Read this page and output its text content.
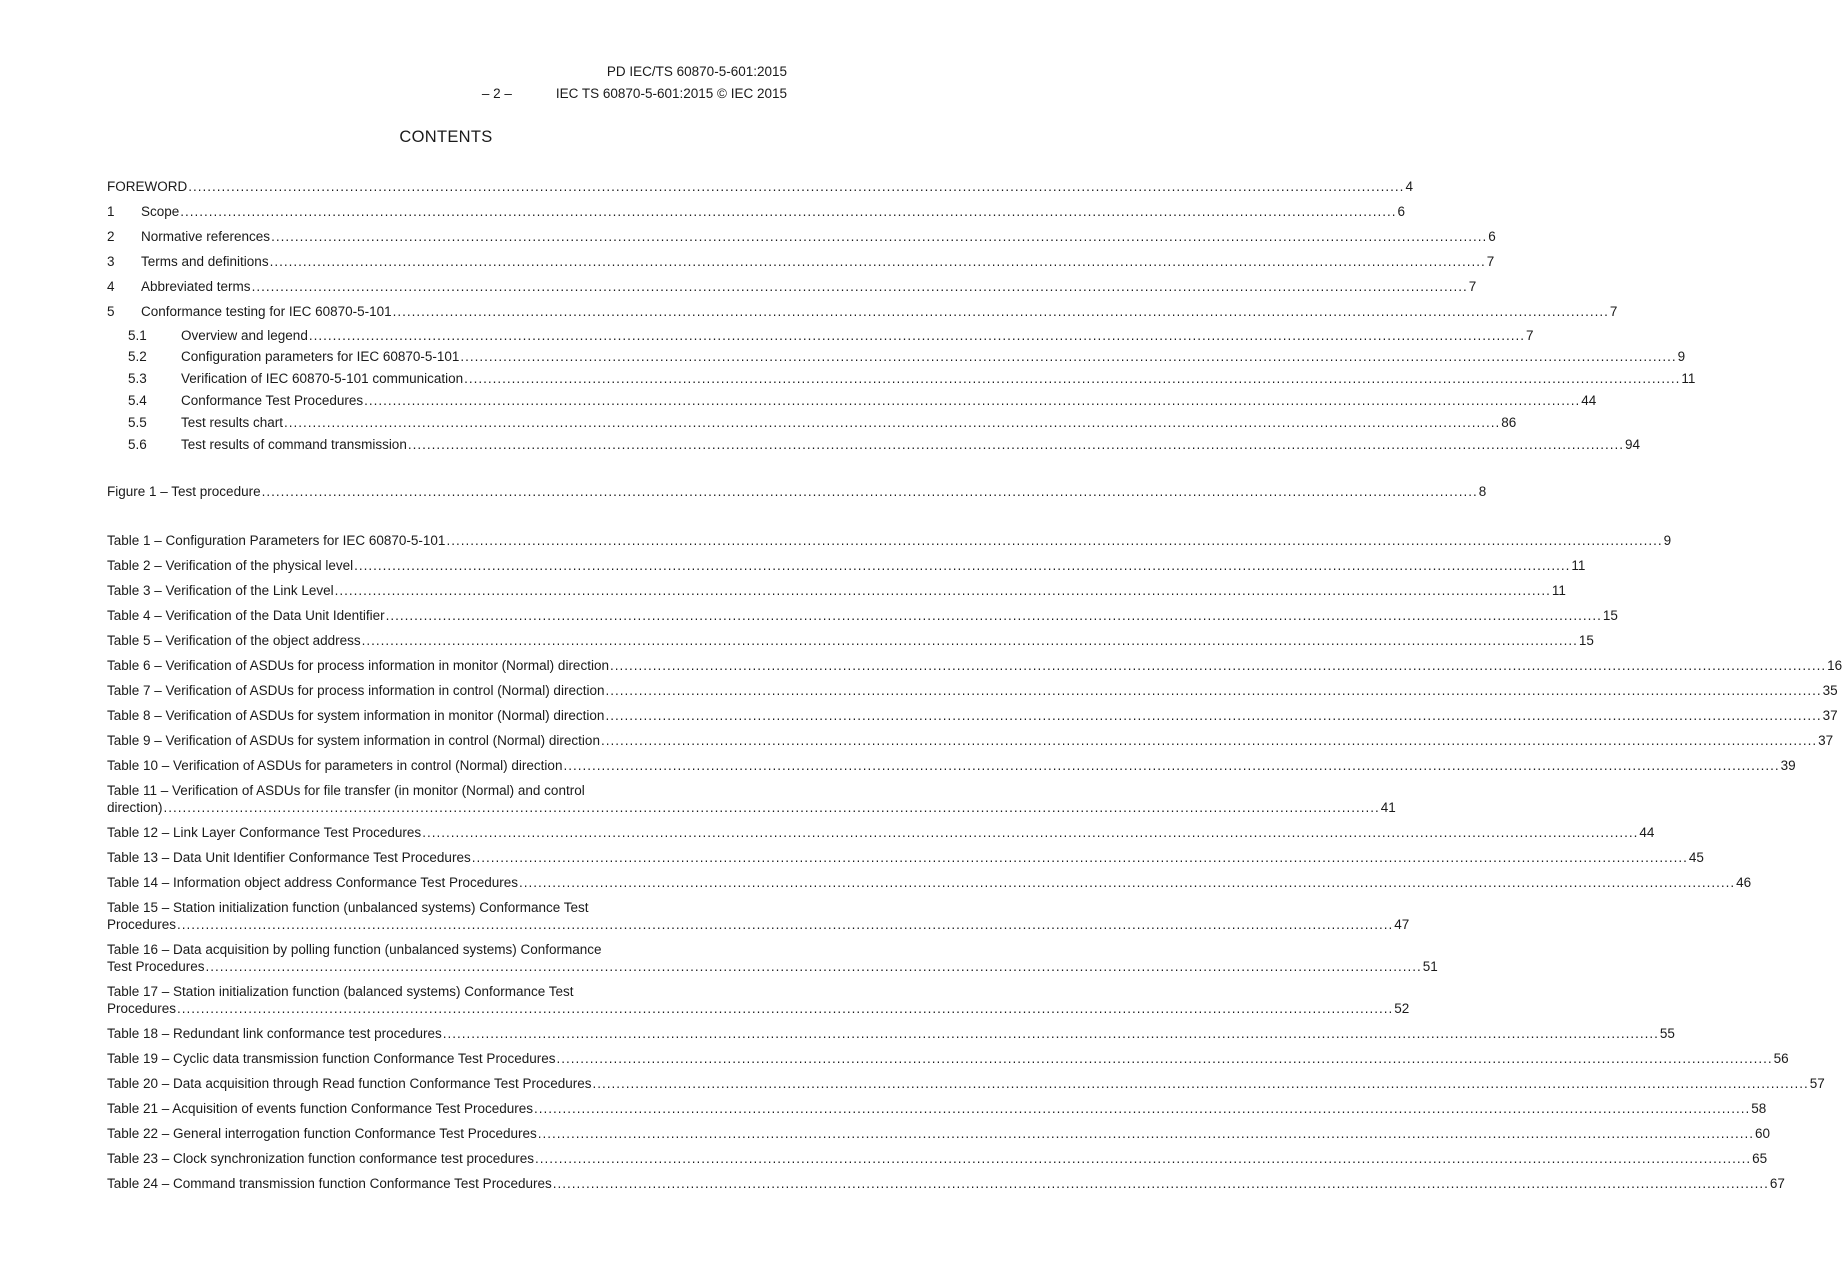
PD IEC/TS 60870-5-601:2015
– 2 –	IEC TS 60870-5-601:2015 © IEC 2015
CONTENTS
FOREWORD .....	4
1	Scope .....	6
2	Normative references .....	6
3	Terms and definitions .....	7
4	Abbreviated terms .....	7
5	Conformance testing for IEC 60870-5-101 .....	7
5.1	Overview and legend .....	7
5.2	Configuration parameters for IEC 60870-5-101 .....	9
5.3	Verification of IEC 60870-5-101 communication .....	11
5.4	Conformance Test Procedures .....	44
5.5	Test results chart .....	86
5.6	Test results of command transmission .....	94
Figure 1 – Test procedure .....	8
Table 1 – Configuration Parameters for IEC 60870-5-101 .....	9
Table 2 – Verification of the physical level .....	11
Table 3 – Verification of the Link Level .....	11
Table 4 – Verification of the Data Unit Identifier .....	15
Table 5 – Verification of the object address .....	15
Table 6 – Verification of ASDUs for process information in monitor (Normal) direction .....	16
Table 7 – Verification of ASDUs for process information in control (Normal) direction .....	35
Table 8 – Verification of ASDUs for system information in monitor (Normal) direction .....	37
Table 9 – Verification of ASDUs for system information in control (Normal) direction .....	37
Table 10 – Verification of ASDUs for parameters in control (Normal) direction .....	39
Table 11 – Verification of ASDUs for file transfer (in monitor (Normal) and control
direction) .....	41
Table 12 – Link Layer Conformance Test Procedures .....	44
Table 13 – Data Unit Identifier Conformance Test Procedures .....	45
Table 14 – Information object address Conformance Test Procedures .....	46
Table 15 – Station initialization function (unbalanced systems) Conformance Test
Procedures .....	47
Table 16 – Data acquisition by polling function (unbalanced systems) Conformance
Test Procedures .....	51
Table 17 – Station initialization function (balanced systems) Conformance Test
Procedures .....	52
Table 18 – Redundant link conformance test procedures .....	55
Table 19 – Cyclic data transmission function Conformance Test Procedures .....	56
Table 20 – Data acquisition through Read function Conformance Test Procedures .....	57
Table 21 – Acquisition of events function Conformance Test Procedures .....	58
Table 22 – General interrogation function Conformance Test Procedures .....	60
Table 23 – Clock synchronization function conformance test procedures .....	65
Table 24 – Command transmission function Conformance Test Procedures .....	67
